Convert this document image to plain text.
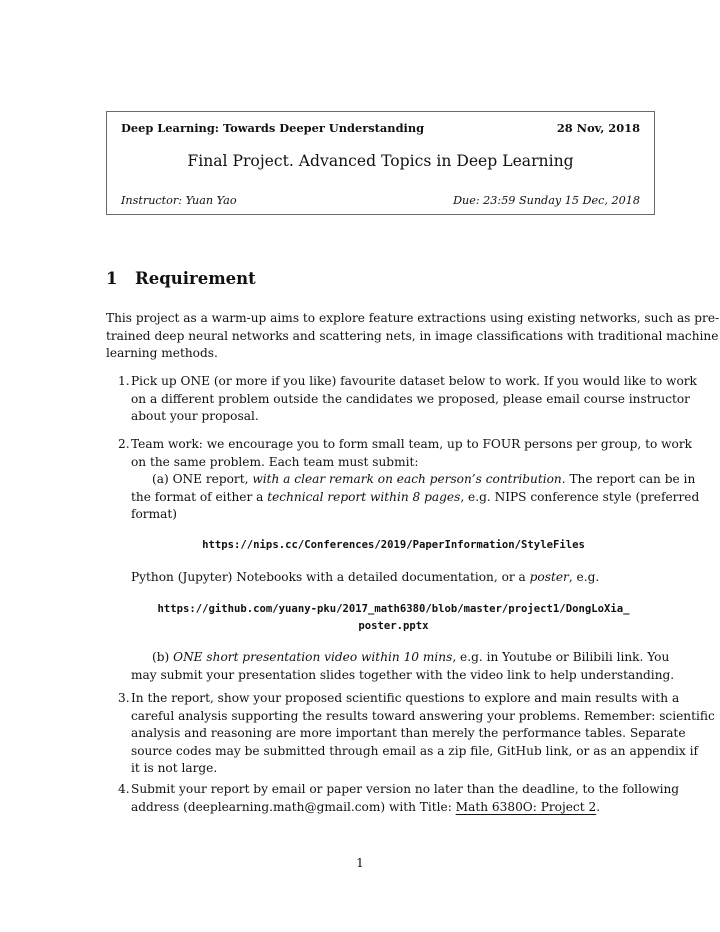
Deep Learning: Towards Deeper Understanding	28 Nov, 2018
Final Project. Advanced Topics in Deep Learning
Instructor: Yuan Yao	Due: 23:59 Sunday 15 Dec, 2018
1	Requirement
This project as a warm-up aims to explore feature extractions using existing networks, such as pre-
trained deep neural networks and scattering nets, in image classifications with traditional machine
learning methods.
1. Pick up ONE (or more if you like) favourite dataset below to work. If you would like to work
on a different problem outside the candidates we proposed, please email course instructor
about your proposal.
2. Team work: we encourage you to form small team, up to FOUR persons per group, to work
on the same problem. Each team must submit:
(a) ONE report, with a clear remark on each person’s contribution. The report can be in
the format of either a technical report within 8 pages, e.g. NIPS conference style (preferred
format)
https://nips.cc/Conferences/2019/PaperInformation/StyleFiles
Python (Jupyter) Notebooks with a detailed documentation, or a poster, e.g.
https://github.com/yuany-pku/2017_math6380/blob/master/project1/DongLoXia_
poster.pptx
(b) ONE short presentation video within 10 mins, e.g. in Youtube or Bilibili link. You
may submit your presentation slides together with the video link to help understanding.
3. In the report, show your proposed scientific questions to explore and main results with a
careful analysis supporting the results toward answering your problems. Remember: scientific
analysis and reasoning are more important than merely the performance tables. Separate
source codes may be submitted through email as a zip file, GitHub link, or as an appendix if
it is not large.
4. Submit your report by email or paper version no later than the deadline, to the following
address (deeplearning.math@gmail.com) with Title: Math 6380O: Project 2.
1
